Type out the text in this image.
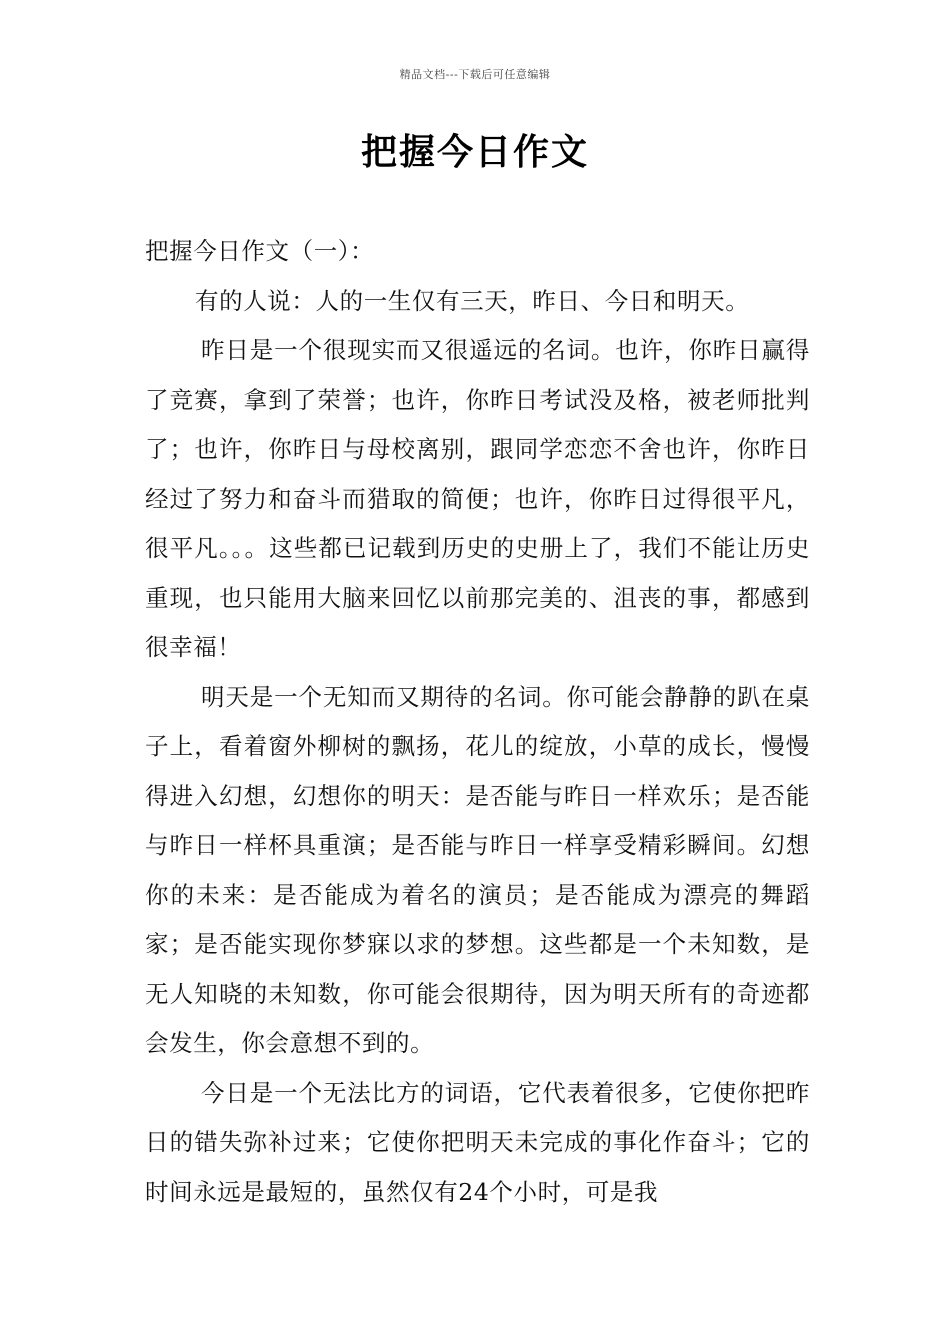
精品文档---下载后可任意编辑
把握今日作文

把握今日作文（一）：

有的人说：人的一生仅有三天，昨日、今日和明天。

昨日是一个很现实而又很遥远的名词。也许，你昨日赢得了竞赛，拿到了荣誉；也许，你昨日考试没及格，被老师批判了；也许，你昨日与母校离别，跟同学恋恋不舍也许，你昨日经过了努力和奋斗而猎取的简便；也许，你昨日过得很平凡，很平凡。。。这些都已记载到历史的史册上了，我们不能让历史重现，也只能用大脑来回忆以前那完美的、沮丧的事，都感到很幸福！

明天是一个无知而又期待的名词。你可能会静静的趴在桌子上，看着窗外柳树的飘扬，花儿的绽放，小草的成长，慢慢得进入幻想，幻想你的明天：是否能与昨日一样欢乐；是否能与昨日一样杯具重演；是否能与昨日一样享受精彩瞬间。幻想你的未来：是否能成为着名的演员；是否能成为漂亮的舞蹈家；是否能实现你梦寐以求的梦想。这些都是一个未知数，是无人知晓的未知数，你可能会很期待，因为明天所有的奇迹都会发生，你会意想不到的。

今日是一个无法比方的词语，它代表着很多，它使你把昨日的错失弥补过来；它使你把明天未完成的事化作奋斗；它的时间永远是最短的，虽然仅有24个小时，可是我
